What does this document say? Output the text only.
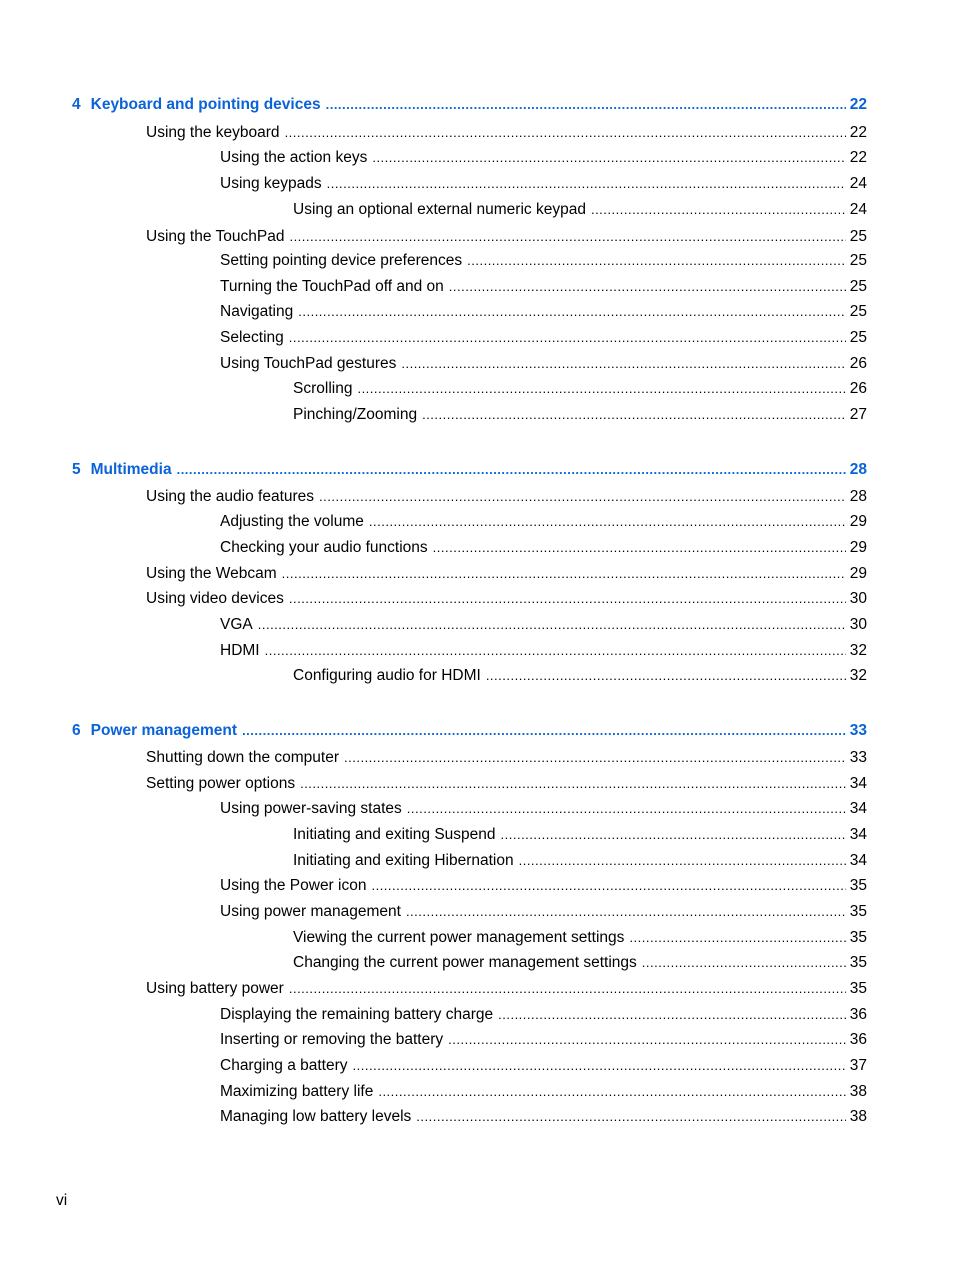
4 Keyboard and pointing devices .....	22
Using the keyboard .....	22
Using the action keys .....	22
Using keypads .....	24
Using an optional external numeric keypad .....	24
Using the TouchPad .....	25
Setting pointing device preferences .....	25
Turning the TouchPad off and on .....	25
Navigating .....	25
Selecting .....	25
Using TouchPad gestures .....	26
Scrolling .....	26
Pinching/Zooming .....	27
5 Multimedia .....	28
Using the audio features .....	28
Adjusting the volume .....	29
Checking your audio functions .....	29
Using the Webcam .....	29
Using video devices .....	30
VGA .....	30
HDMI .....	32
Configuring audio for HDMI .....	32
6 Power management .....	33
Shutting down the computer .....	33
Setting power options .....	34
Using power-saving states .....	34
Initiating and exiting Suspend .....	34
Initiating and exiting Hibernation .....	34
Using the Power icon .....	35
Using power management .....	35
Viewing the current power management settings .....	35
Changing the current power management settings .....	35
Using battery power .....	35
Displaying the remaining battery charge .....	36
Inserting or removing the battery .....	36
Charging a battery .....	37
Maximizing battery life .....	38
Managing low battery levels .....	38
vi
